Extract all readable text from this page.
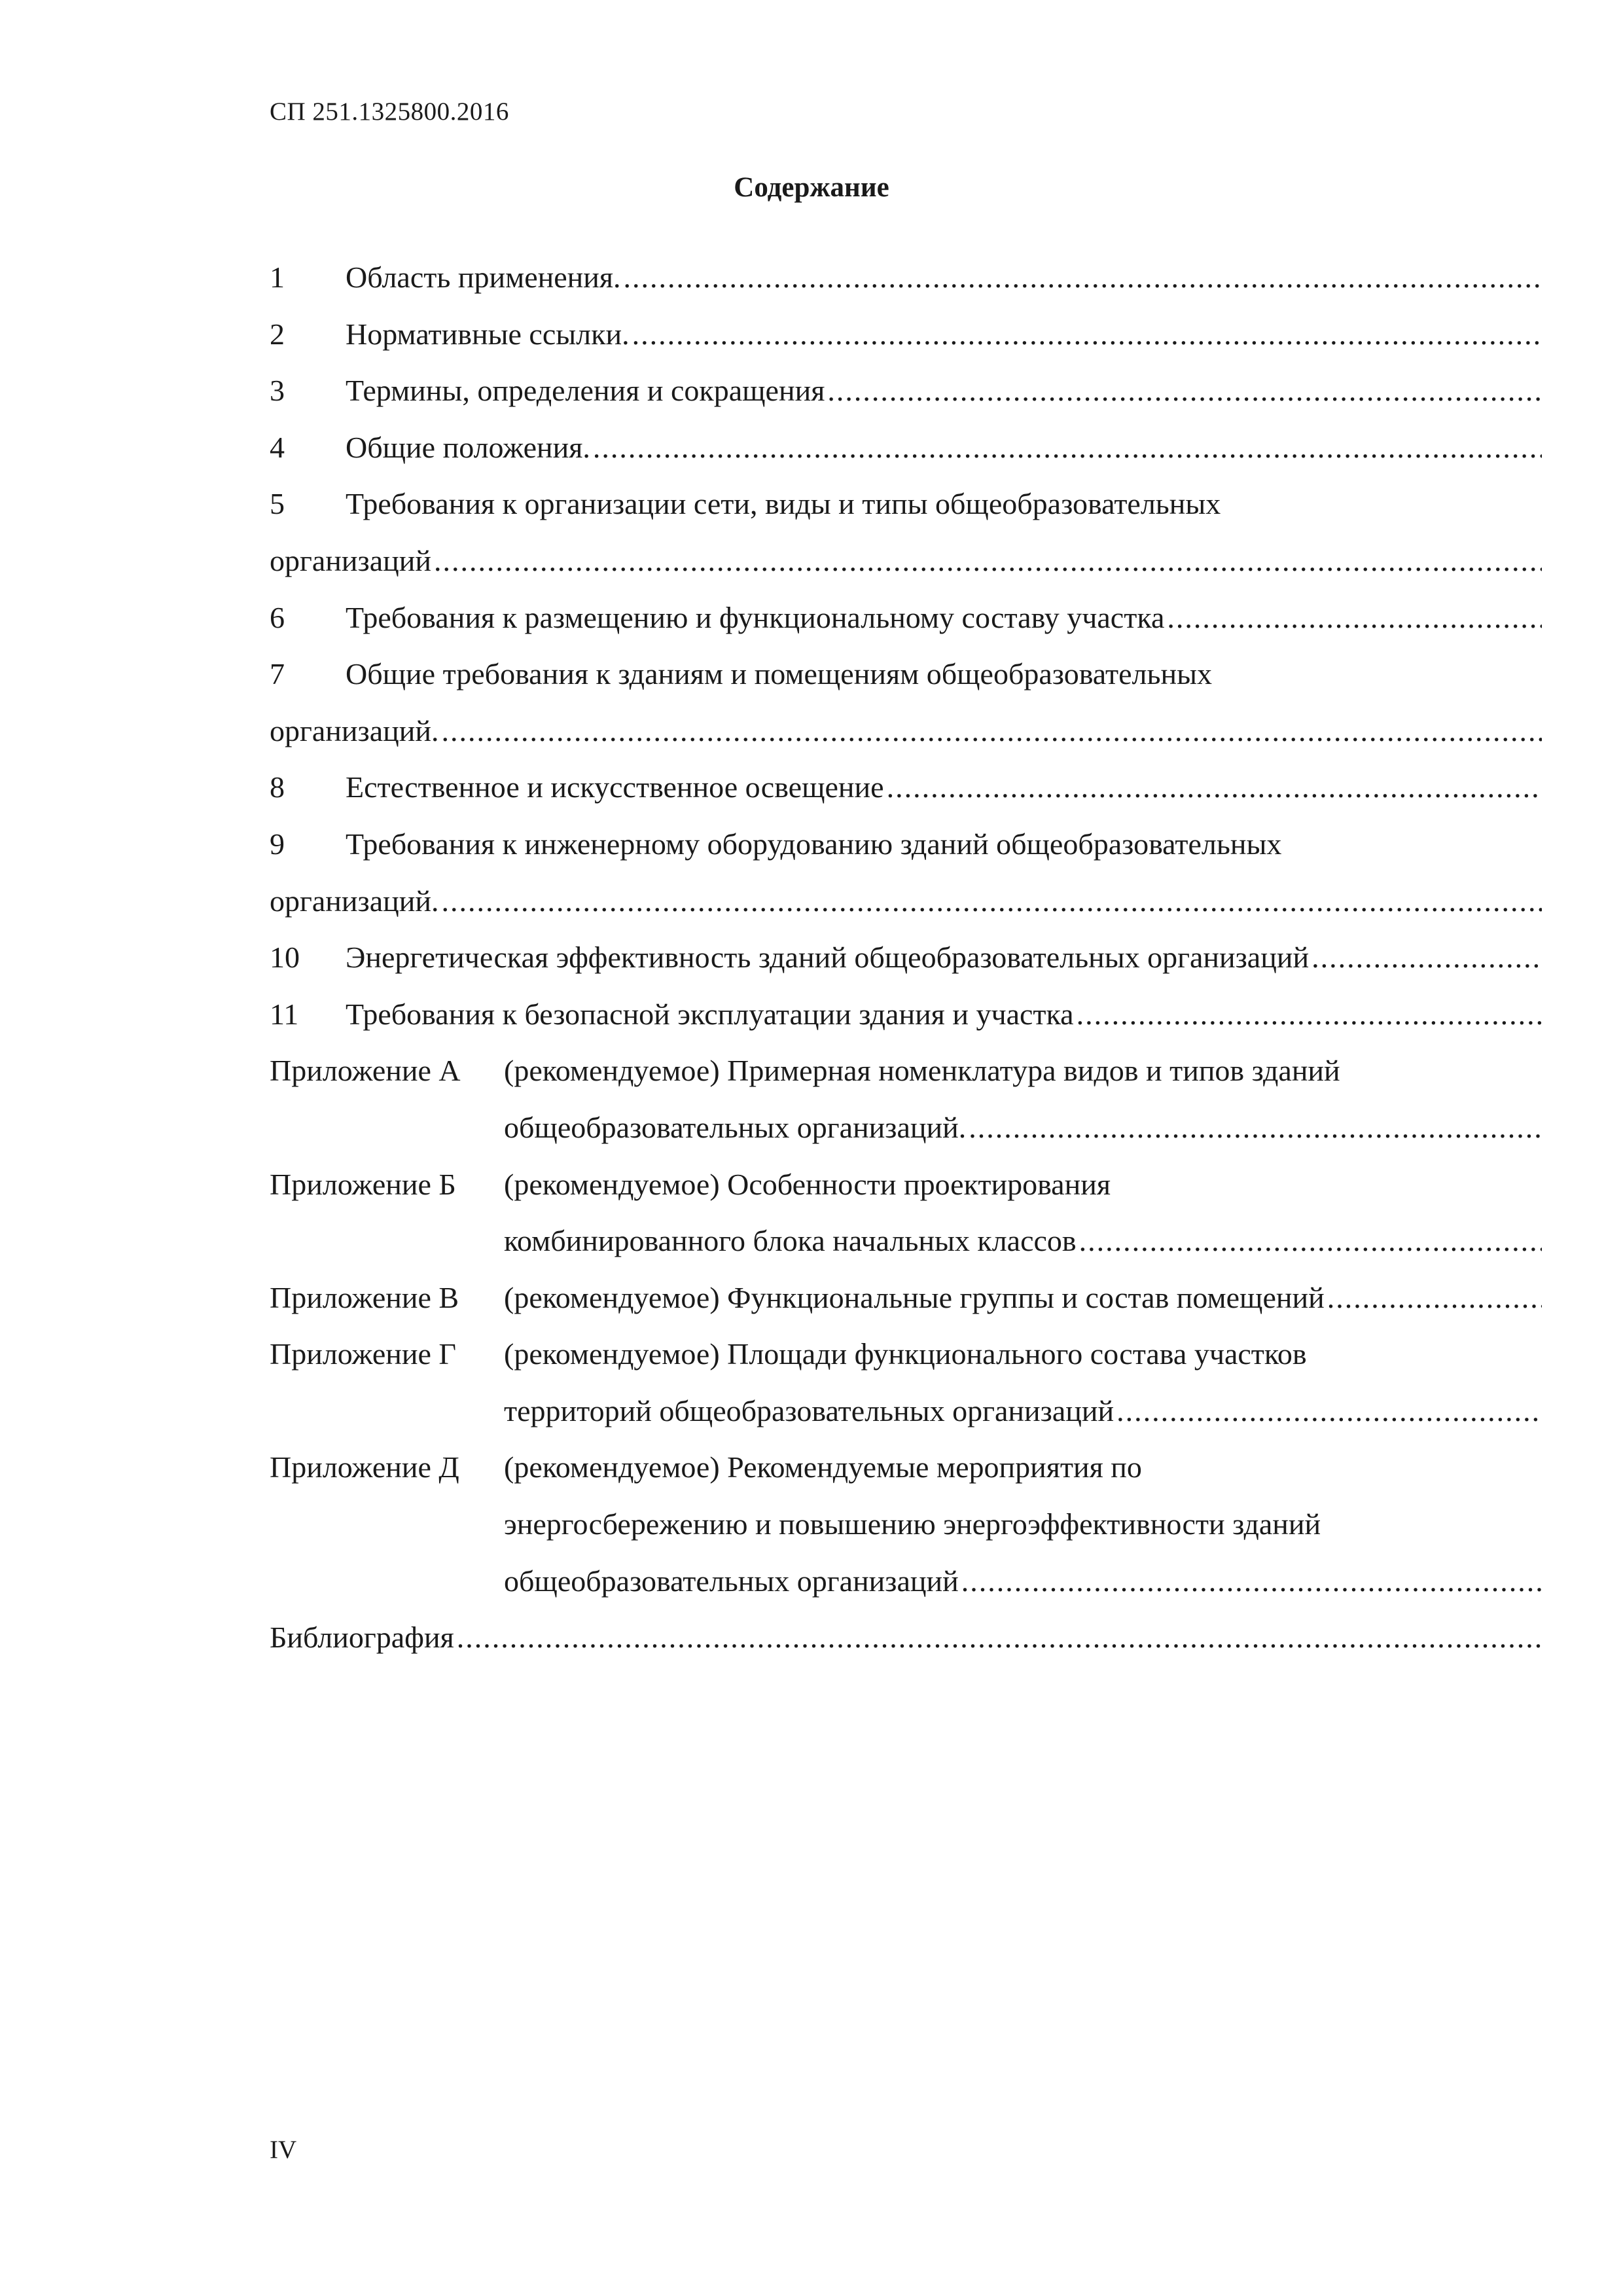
СП 251.1325800.2016
Содержание
1	Область применения.
.....
2	Нормативные ссылки.
.....
3	Термины, определения и сокращения
.....
4	Общие положения.
.....
5 Требования к организации сети, виды и типы общеобразовательных
организаций
.....
6	Требования к размещению и функциональному составу участка
.....
7 Общие требования к зданиям и помещениям общеобразовательных
организаций.
.....
8	Естественное и искусственное освещение
.....
9 Требования к инженерному оборудованию зданий общеобразовательных
организаций.
.....
10	Энергетическая эффективность зданий общеобразовательных организаций
.....
11	Требования к безопасной эксплуатации здания и участка
.....
Приложение А (рекомендуемое) Примерная номенклатура видов и типов зданий
общеобразовательных организаций.
.....
Приложение Б (рекомендуемое) Особенности проектирования
комбинированного блока начальных классов
.....
Приложение В	(рекомендуемое) Функциональные группы и состав помещений
.....
Приложение Г (рекомендуемое) Площади функционального состава участков
территорий общеобразовательных организаций
.....
Приложение Д (рекомендуемое) Рекомендуемые мероприятия по
энергосбережению и повышению энергоэффективности зданий
общеобразовательных организаций
.....
Библиография
.....
IV
